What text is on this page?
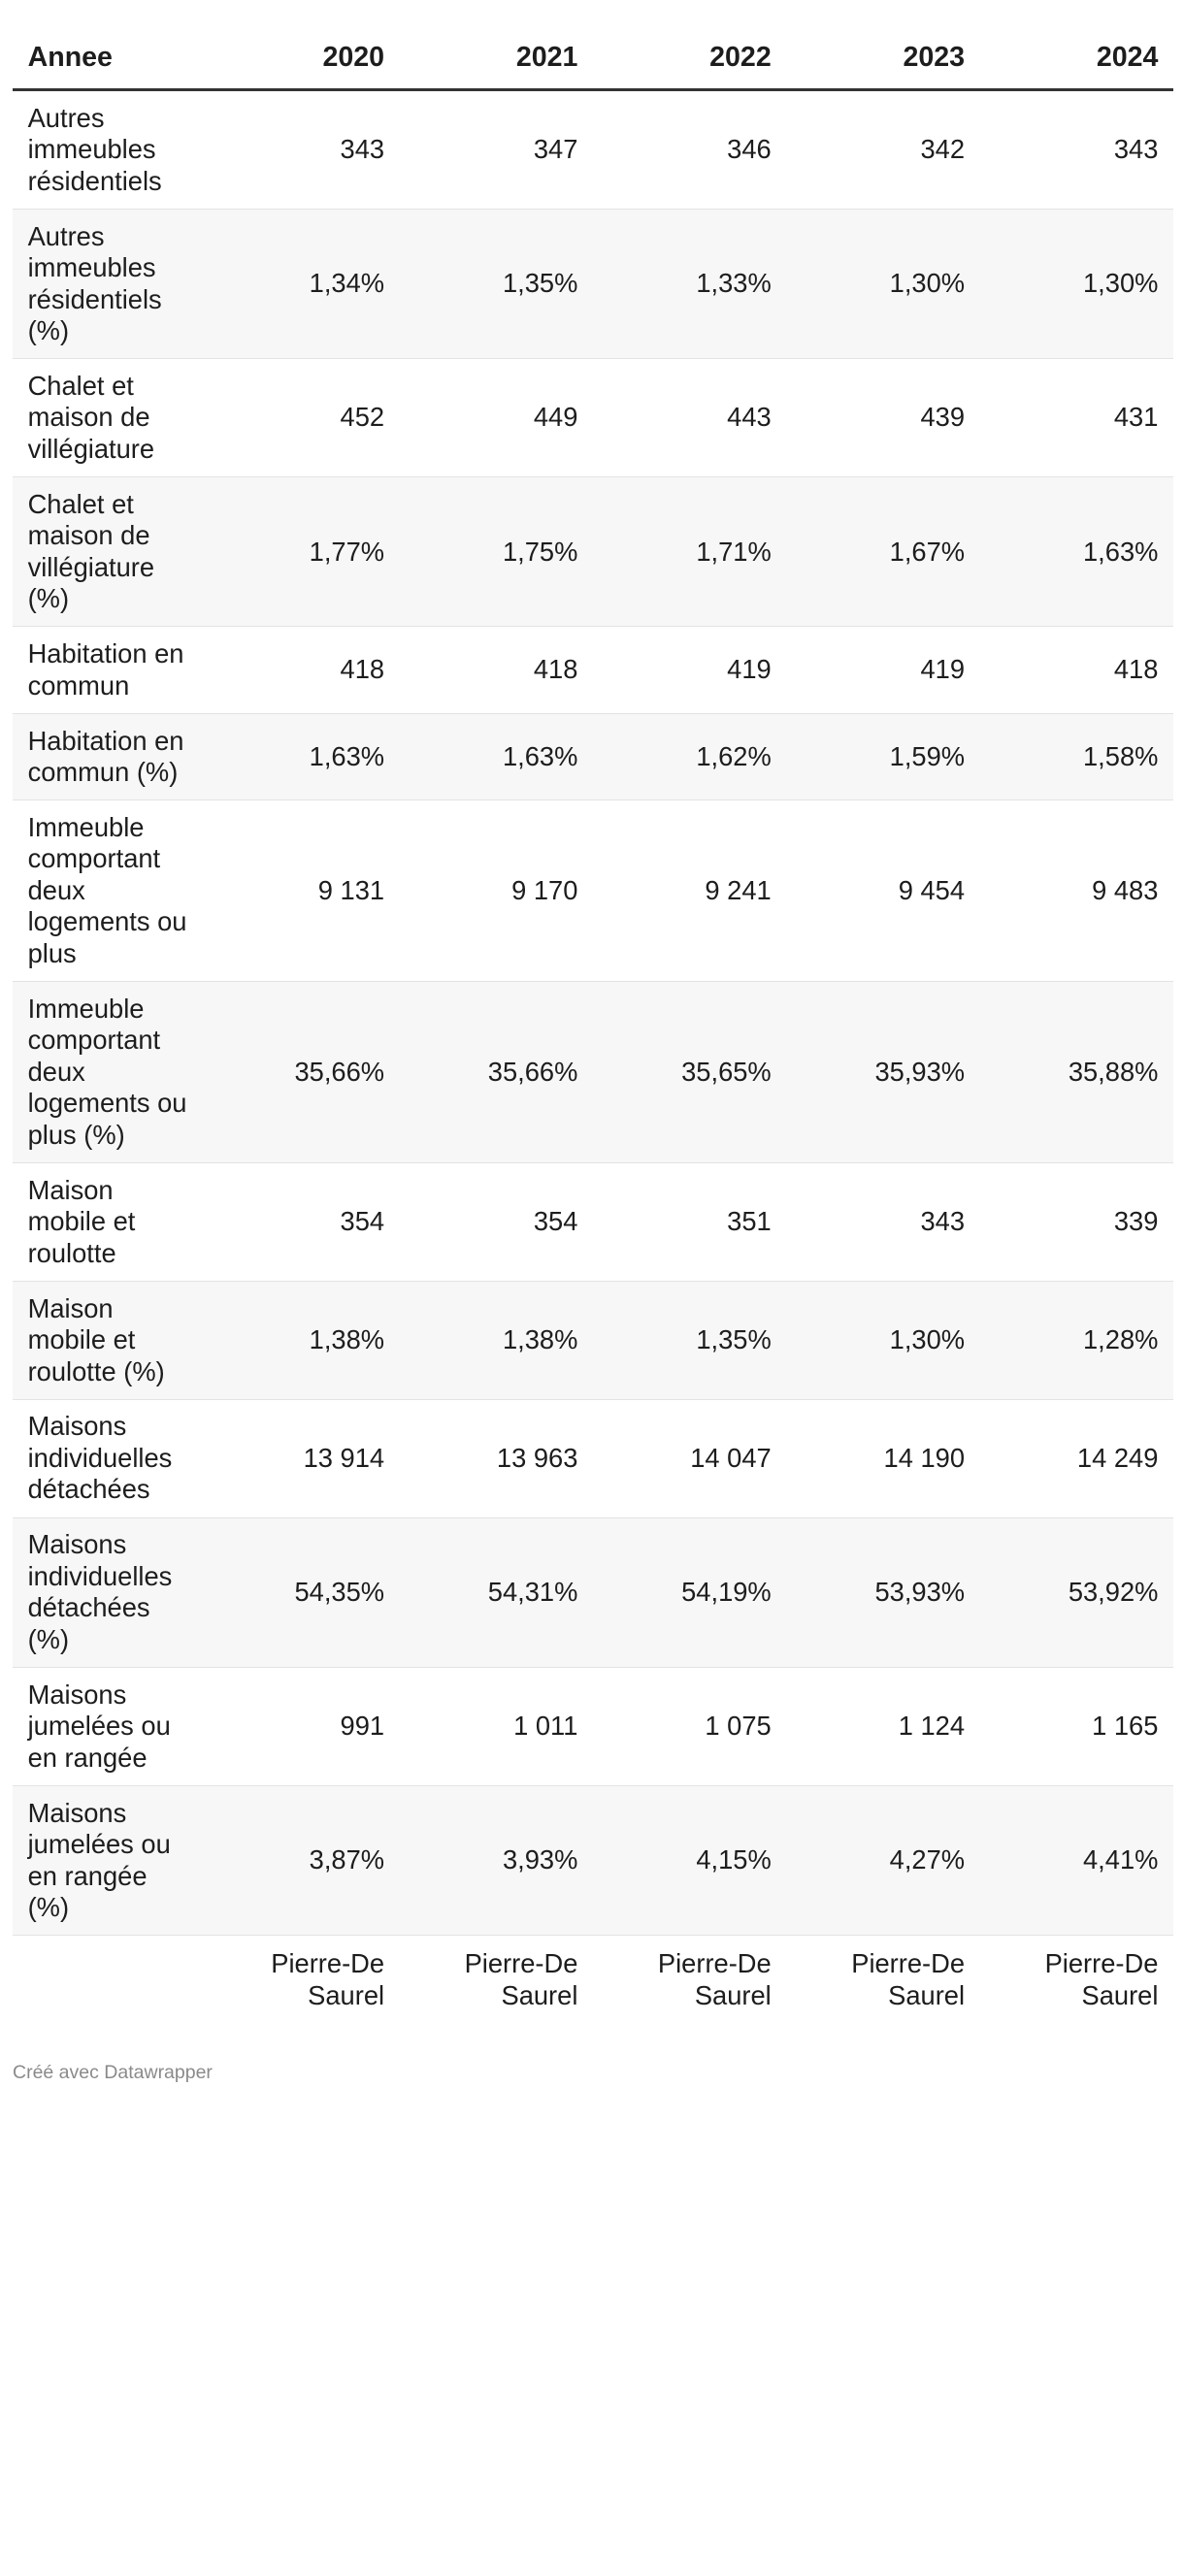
Annee	2020	2021	2022	2023	2024
Autres immeubles résidentiels	343	347	346	342	343
Autres immeubles résidentiels (%)	1,34%	1,35%	1,33%	1,30%	1,30%
Chalet et maison de villégiature	452	449	443	439	431
Chalet et maison de villégiature (%)	1,77%	1,75%	1,71%	1,67%	1,63%
Habitation en commun	418	418	419	419	418
Habitation en commun (%)	1,63%	1,63%	1,62%	1,59%	1,58%
Immeuble comportant deux logements ou plus	9 131	9 170	9 241	9 454	9 483
Immeuble comportant deux logements ou plus (%)	35,66%	35,66%	35,65%	35,93%	35,88%
Maison mobile et roulotte	354	354	351	343	339
Maison mobile et roulotte (%)	1,38%	1,38%	1,35%	1,30%	1,28%
Maisons individuelles détachées	13 914	13 963	14 047	14 190	14 249
Maisons individuelles détachées (%)	54,35%	54,31%	54,19%	53,93%	53,92%
Maisons jumelées ou en rangée	991	1 011	1 075	1 124	1 165
Maisons jumelées ou en rangée (%)	3,87%	3,93%	4,15%	4,27%	4,41%
	Pierre-De Saurel	Pierre-De Saurel	Pierre-De Saurel	Pierre-De Saurel	Pierre-De Saurel
Créé avec Datawrapper
